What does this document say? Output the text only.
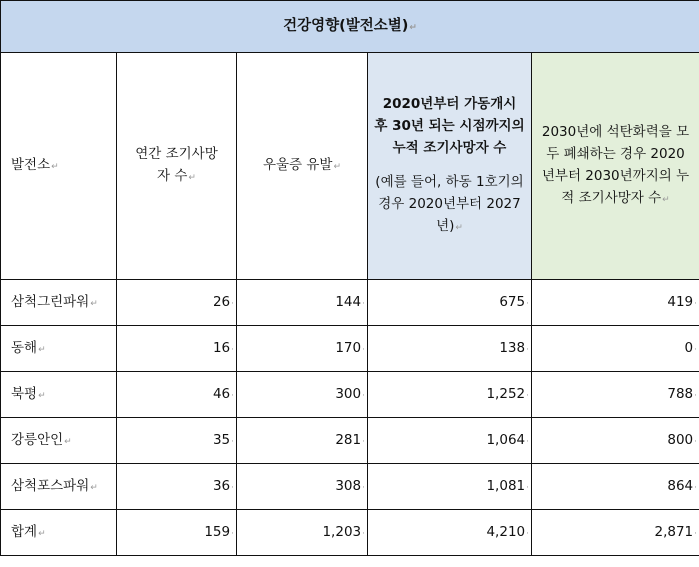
건강영향(발전소별)↵				
발전소↵	연간 조기사망자 수↵	우울증 유발↵	2020년부터 가동개시 후 30년 되는 시점까지의 누적 조기사망자 수
(예를 들어, 하동 1호기의 경우 2020년부터 2027년)↵	2030년에 석탄화력을 모두 폐쇄하는 경우 2020년부터 2030년까지의 누적 조기사망자 수↵
삼척그린파워↵	26·	144·	675·	419·
동해↵	16·	170·	138·	0·
북평↵	46·	300·	1,252·	788·
강릉안인↵	35·	281·	1,064·	800·
삼척포스파워↵	36·	308·	1,081·	864·
합계↵	159·	1,203·	4,210·	2,871·
